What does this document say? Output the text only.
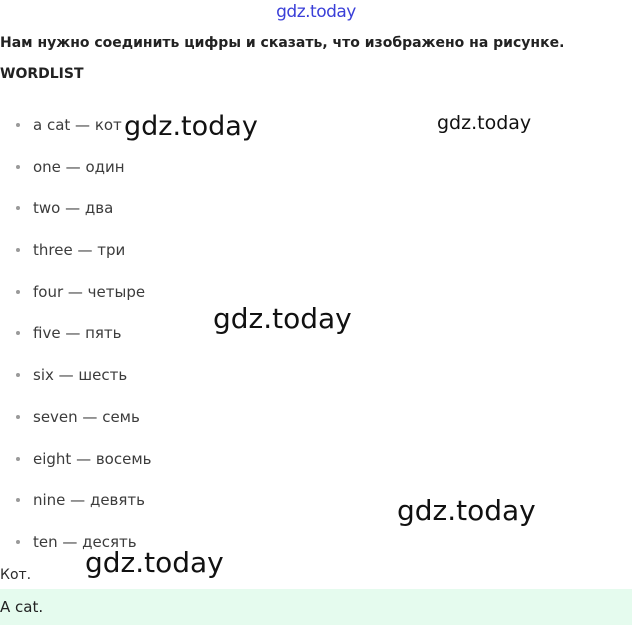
gdz.today
Нам нужно соединить цифры и сказать, что изображено на рисунке.
WORDLIST
a cat — кот
one — один
two — два
three — три
four — четыре
five — пять
six — шесть
seven — семь
eight — восемь
nine — девять
ten — десять
Кот.
A cat.
gdz.today	gdz.today
gdz.today
gdz.today
gdz.today
